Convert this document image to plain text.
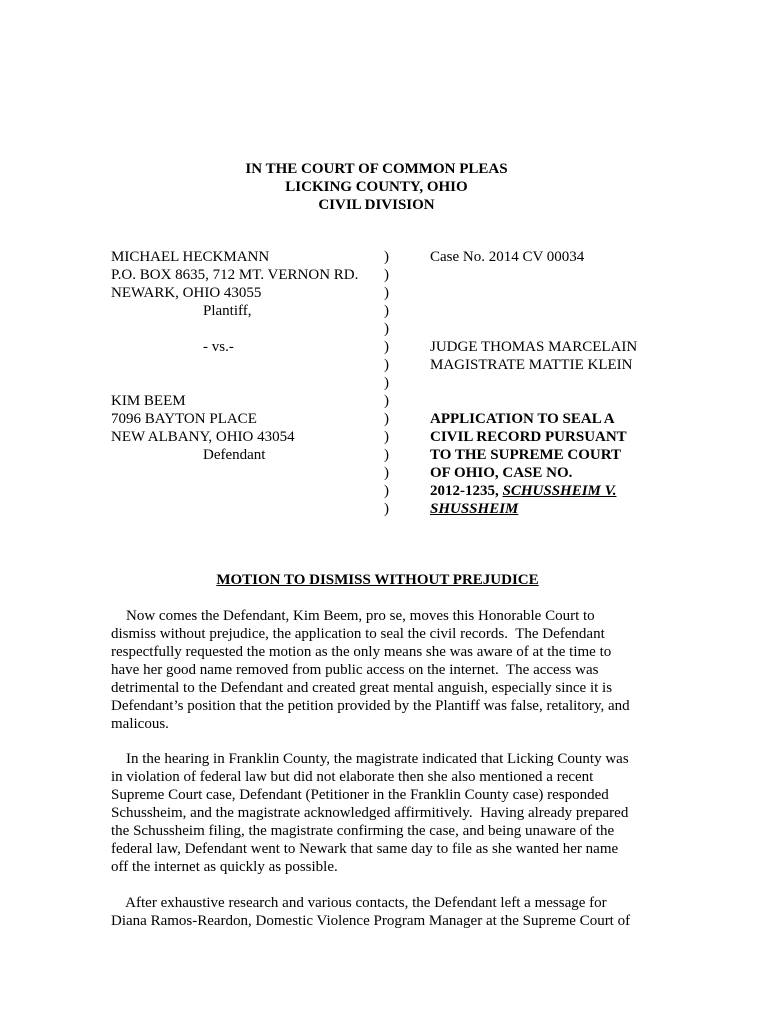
IN THE COURT OF COMMON PLEAS
LICKING COUNTY, OHIO
CIVIL DIVISION
MICHAEL HECKMANN
P.O. BOX 8635, 712 MT. VERNON RD.
NEWARK, OHIO 43055
Plantiff,
- vs.-
KIM BEEM
7096 BAYTON PLACE
NEW ALBANY, OHIO 43054
Defendant
)
)
)
)
)
)
)
)
)
)
)
)
)
)
)
Case No. 2014 CV 00034
JUDGE THOMAS MARCELAIN
MAGISTRATE MATTIE KLEIN
APPLICATION TO SEAL A
CIVIL RECORD PURSUANT
TO THE SUPREME COURT
OF OHIO, CASE NO.
2012-1235, SCHUSSHEIM V.
SHUSSHEIM
MOTION TO DISMISS WITHOUT PREJUDICE
Now comes the Defendant, Kim Beem, pro se, moves this Honorable Court to
dismiss without prejudice, the application to seal the civil records.  The Defendant
respectfully requested the motion as the only means she was aware of at the time to
have her good name removed from public access on the internet.  The access was
detrimental to the Defendant and created great mental anguish, especially since it is
Defendant’s position that the petition provided by the Plantiff was false, retalitory, and
malicous.
In the hearing in Franklin County, the magistrate indicated that Licking County was
in violation of federal law but did not elaborate then she also mentioned a recent
Supreme Court case, Defendant (Petitioner in the Franklin County case) responded
Schussheim, and the magistrate acknowledged affirmitively.  Having already prepared
the Schussheim filing, the magistrate confirming the case, and being unaware of the
federal law, Defendant went to Newark that same day to file as she wanted her name
off the internet as quickly as possible.
After exhaustive research and various contacts, the Defendant left a message for
Diana Ramos-Reardon, Domestic Violence Program Manager at the Supreme Court of
